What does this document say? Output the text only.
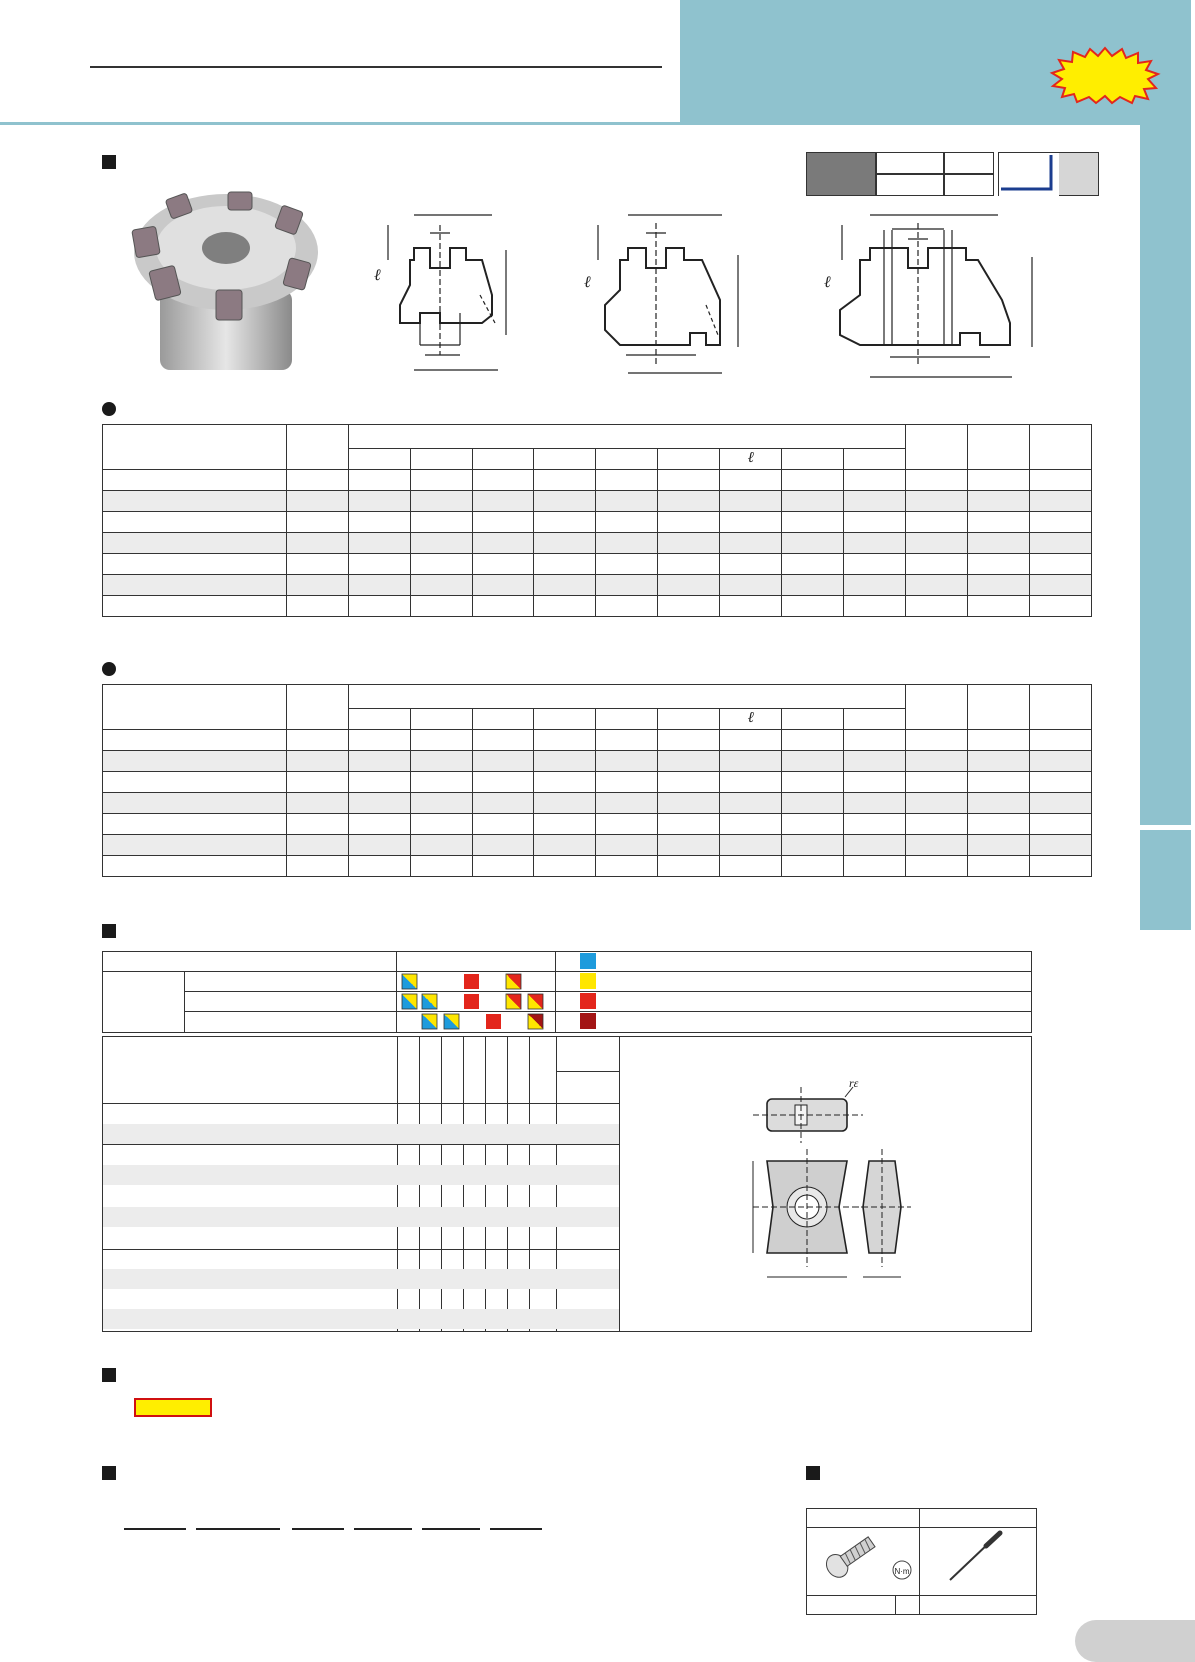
ℓ	ℓ	ℓ

								ℓ					

								ℓ					

rε

N·m
